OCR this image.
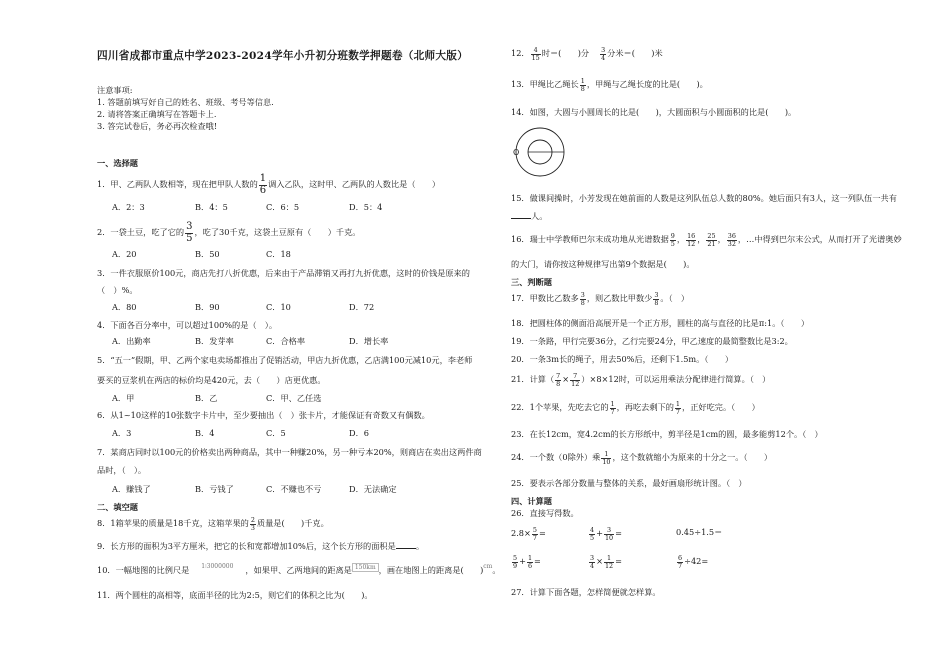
四川省成都市重点中学2023-2024学年小升初分班数学押题卷（北师大版）
注意事项:
1. 答题前填写好自己的姓名、班级、考号等信息.
2. 请将答案正确填写在答题卡上.
3. 答完试卷后，务必再次检查哦!
一、选择题
1．甲、乙两队人数相等，现在把甲队人数的 $\frac{1}{6}$ 调入乙队，这时甲、乙两队的人数比是（　　）
A．2：3	B．4：5	C．6：5	D．5：4
2．一袋土豆，吃了它的 $\frac{3}{5}$ ，吃了30千克，这袋土豆原有（　　）千克。
A．20	B．50	C．18
3．一件衣服原价100元，商店先打八折优惠，后来由于产品滞销又再打九折优惠，这时的价钱是原来的
（　）%。
A．80	B．90	C．10	D．72
4．下面各百分率中，可以超过100%的是（　）。
A．出勤率	B．发芽率	C．合格率	D．增长率
5．“五一”假期，甲、乙两个家电卖场都推出了促销活动，甲店九折优惠，乙店满100元减10元，李老师
要买的豆浆机在两店的标价均是420元，去（　　）店更优惠。
A．甲	B．乙	C．甲、乙任选
6．从1~10这样的10张数字卡片中，至少要抽出（　）张卡片，才能保证有奇数又有偶数。
A．3	B．4	C．5	D．6
7．某商店同时以100元的价格卖出两种商品，其中一种赚20%，另一种亏本20%，则商店在卖出这两件商
品时，（　）。
A．赚钱了	B．亏钱了	C．不赚也不亏	D．无法确定
二、填空题
8．1箱苹果的质量是18千克，这箱苹果的 $\frac{2}{3}$ 质量是(　　)千克。
9．长方形的面积为3平方厘米，把它的长和宽都增加10%后，这个长方形的面积是 。
10．一幅地图的比例尺是 $^{1∶3000000}$ ，如果甲、乙两地间的距离是 $^{150km}$ ，画在地图上的距离是(　　)$^{cm}$。
11．两个圆柱的高相等，底面半径的比为2:5，则它们的体积之比为(　　)。
12． $\frac{4}{15}$ 时＝(　　)分 $\frac{3}{4}$ 分米＝(　　)米
13．甲绳比乙绳长 $\frac{1}{8}$ ，甲绳与乙绳长度的比是(　　)。
14．如图，大圆与小圆周长的比是(　　)，大圆面积与小圆面积的比是(　　)。
O
15．做课间操时，小芳发现在她前面的人数是这列队伍总人数的80%。她后面只有3人，这一列队伍一共有
人。
16．瑞士中学教师巴尔末成功地从光谱数据 $\frac{9}{5}$ ， $\frac{16}{12}$ ， $\frac{25}{21}$ ， $\frac{36}{32}$ ，…中得到巴尔末公式，从而打开了光谱奥妙
的大门，请你按这种规律写出第9个数据是(　　)。
三、判断题
17．甲数比乙数多 $\frac{3}{8}$ ，则乙数比甲数少 $\frac{3}{8}$ 。（　）
18．把圆柱体的侧面沿高展开是一个正方形，圆柱的高与直径的比是π:1。（　　）
19．一条路，甲行完要36分，乙行完要24分，甲乙速度的最简整数比是3:2。
20．一条3m长的绳子，用去50%后，还剩下1.5m。（　　）
21．计算（ $\frac{7}{8} \times \frac{7}{12} )\times 8\times 12$时，可以运用乘法分配律进行简算。（　）
22．1个苹果，先吃去它的 $\frac{1}{7}$ ，再吃去剩下的 $\frac{1}{7}$ ，正好吃完。（　　）
23．在长12cm，宽4.2cm的长方形纸中，剪半径是1cm的圆，最多能剪12个。（　）
24．一个数（0除外）乘 $\frac{1}{10}$ ，这个数就缩小为原来的十分之一。（　　）
25．要表示各部分数量与整体的关系，最好画扇形统计图。（　）
四、计算题
26．直接写得数。
$2.8\times \frac{5}{7}$ =	$\frac{4}{5} + \frac{3}{10}$ =	0.45÷1.5＝
$\frac{5}{9} + \frac{1}{6}$ =	$\frac{3}{4} \times \frac{1}{12}$ =	$\frac{6}{7} \div 42=$
27．计算下面各题，怎样简便就怎样算。
